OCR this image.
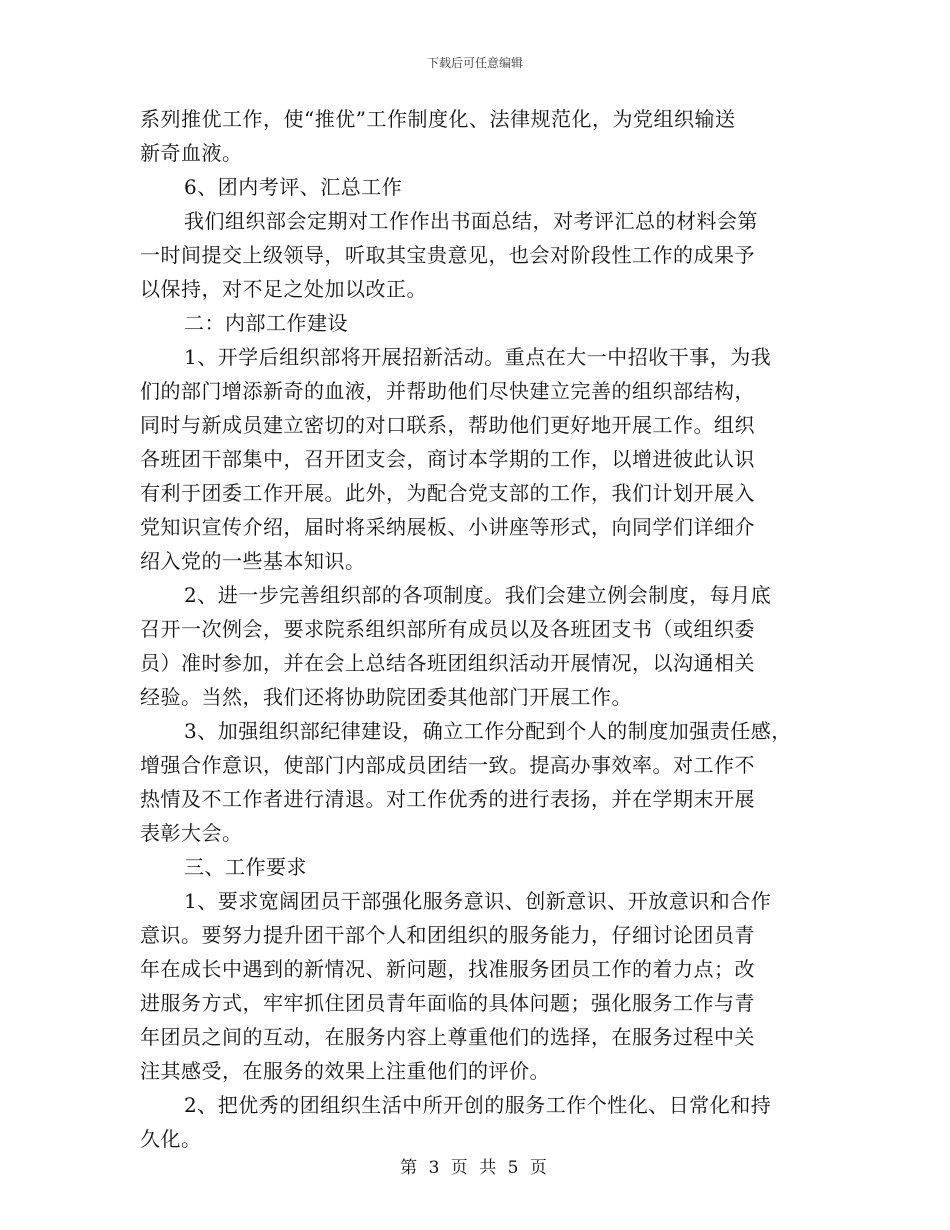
下载后可任意编辑
系列推优工作，使“推优”工作制度化、法律规范化，为党组织输送
新奇血液。
6、团内考评、汇总工作
我们组织部会定期对工作作出书面总结，对考评汇总的材料会第
一时间提交上级领导，听取其宝贵意见，也会对阶段性工作的成果予
以保持，对不足之处加以改正。
二：内部工作建设
1、开学后组织部将开展招新活动。重点在大一中招收干事，为我
们的部门增添新奇的血液，并帮助他们尽快建立完善的组织部结构，
同时与新成员建立密切的对口联系，帮助他们更好地开展工作。组织
各班团干部集中，召开团支会，商讨本学期的工作，以增进彼此认识
有利于团委工作开展。此外，为配合党支部的工作，我们计划开展入
党知识宣传介绍，届时将采纳展板、小讲座等形式，向同学们详细介
绍入党的一些基本知识。
2、进一步完善组织部的各项制度。我们会建立例会制度，每月底
召开一次例会，要求院系组织部所有成员以及各班团支书（或组织委
员）准时参加，并在会上总结各班团组织活动开展情况，以沟通相关
经验。当然，我们还将协助院团委其他部门开展工作。
3、加强组织部纪律建设，确立工作分配到个人的制度加强责任感，
增强合作意识，使部门内部成员团结一致。提高办事效率。对工作不
热情及不工作者进行清退。对工作优秀的进行表扬，并在学期末开展
表彰大会。
三、工作要求
1、要求宽阔团员干部强化服务意识、创新意识、开放意识和合作
意识。要努力提升团干部个人和团组织的服务能力，仔细讨论团员青
年在成长中遇到的新情况、新问题，找准服务团员工作的着力点；改
进服务方式，牢牢抓住团员青年面临的具体问题；强化服务工作与青
年团员之间的互动，在服务内容上尊重他们的选择，在服务过程中关
注其感受，在服务的效果上注重他们的评价。
2、把优秀的团组织生活中所开创的服务工作个性化、日常化和持
久化。
第 3 页 共 5 页
